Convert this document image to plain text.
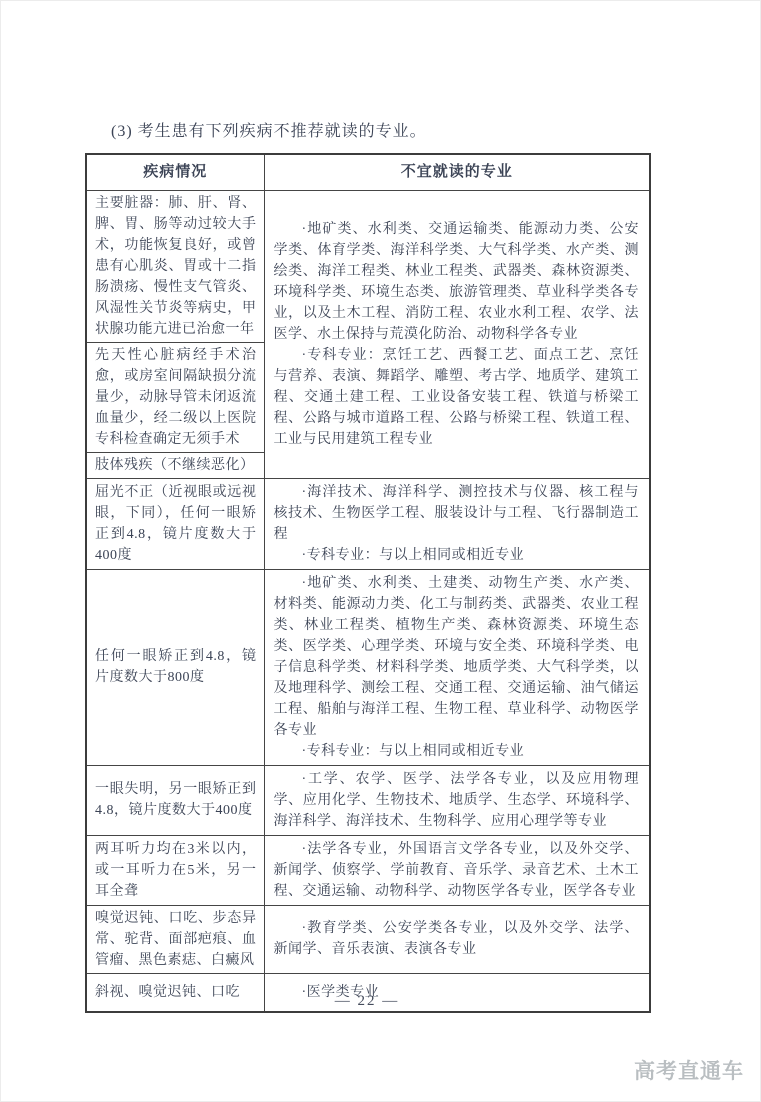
(3) 考生患有下列疾病不推荐就读的专业。
疾病情况	不宜就读的专业
主要脏器：肺、肝、肾、脾、胃、肠等动过较大手术，功能恢复良好，或曾患有心肌炎、胃或十二指肠溃疡、慢性支气管炎、风湿性关节炎等病史，甲状腺功能亢进已治愈一年	·地矿类、水利类、交通运输类、能源动力类、公安学类、体育学类、海洋科学类、大气科学类、水产类、测绘类、海洋工程类、林业工程类、武器类、森林资源类、环境科学类、环境生态类、旅游管理类、草业科学类各专业，以及土木工程、消防工程、农业水利工程、农学、法医学、水土保持与荒漠化防治、动物科学各专业

·专科专业：烹饪工艺、西餐工艺、面点工艺、烹饪与营养、表演、舞蹈学、雕塑、考古学、地质学、建筑工程、交通土建工程、工业设备安装工程、铁道与桥梁工程、公路与城市道路工程、公路与桥梁工程、铁道工程、工业与民用建筑工程专业

先天性心脏病经手术治愈，或房室间隔缺损分流量少，动脉导管未闭返流血量少，经二级以上医院专科检查确定无须手术	
肢体残疾（不继续恶化）	
屈光不正（近视眼或远视眼，下同），任何一眼矫正到4.8，镜片度数大于400度	·海洋技术、海洋科学、测控技术与仪器、核工程与核技术、生物医学工程、服装设计与工程、飞行器制造工程

·专科专业：与以上相同或相近专业

任何一眼矫正到4.8，镜片度数大于800度	·地矿类、水利类、土建类、动物生产类、水产类、材料类、能源动力类、化工与制药类、武器类、农业工程类、林业工程类、植物生产类、森林资源类、环境生态类、医学类、心理学类、环境与安全类、环境科学类、电子信息科学类、材料科学类、地质学类、大气科学类，以及地理科学、测绘工程、交通工程、交通运输、油气储运工程、船舶与海洋工程、生物工程、草业科学、动物医学各专业

·专科专业：与以上相同或相近专业

一眼失明，另一眼矫正到4.8，镜片度数大于400度	·工学、农学、医学、法学各专业，以及应用物理学、应用化学、生物技术、地质学、生态学、环境科学、海洋科学、海洋技术、生物科学、应用心理学等专业

两耳听力均在3米以内，或一耳听力在5米，另一耳全聋	·法学各专业，外国语言文学各专业，以及外交学、新闻学、侦察学、学前教育、音乐学、录音艺术、土木工程、交通运输、动物科学、动物医学各专业，医学各专业

嗅觉迟钝、口吃、步态异常、驼背、面部疤痕、血管瘤、黑色素痣、白癜风	·教育学类、公安学类各专业，以及外交学、法学、新闻学、音乐表演、表演各专业

斜视、嗅觉迟钝、口吃	·医学类专业

— 22 —
高考直通车
